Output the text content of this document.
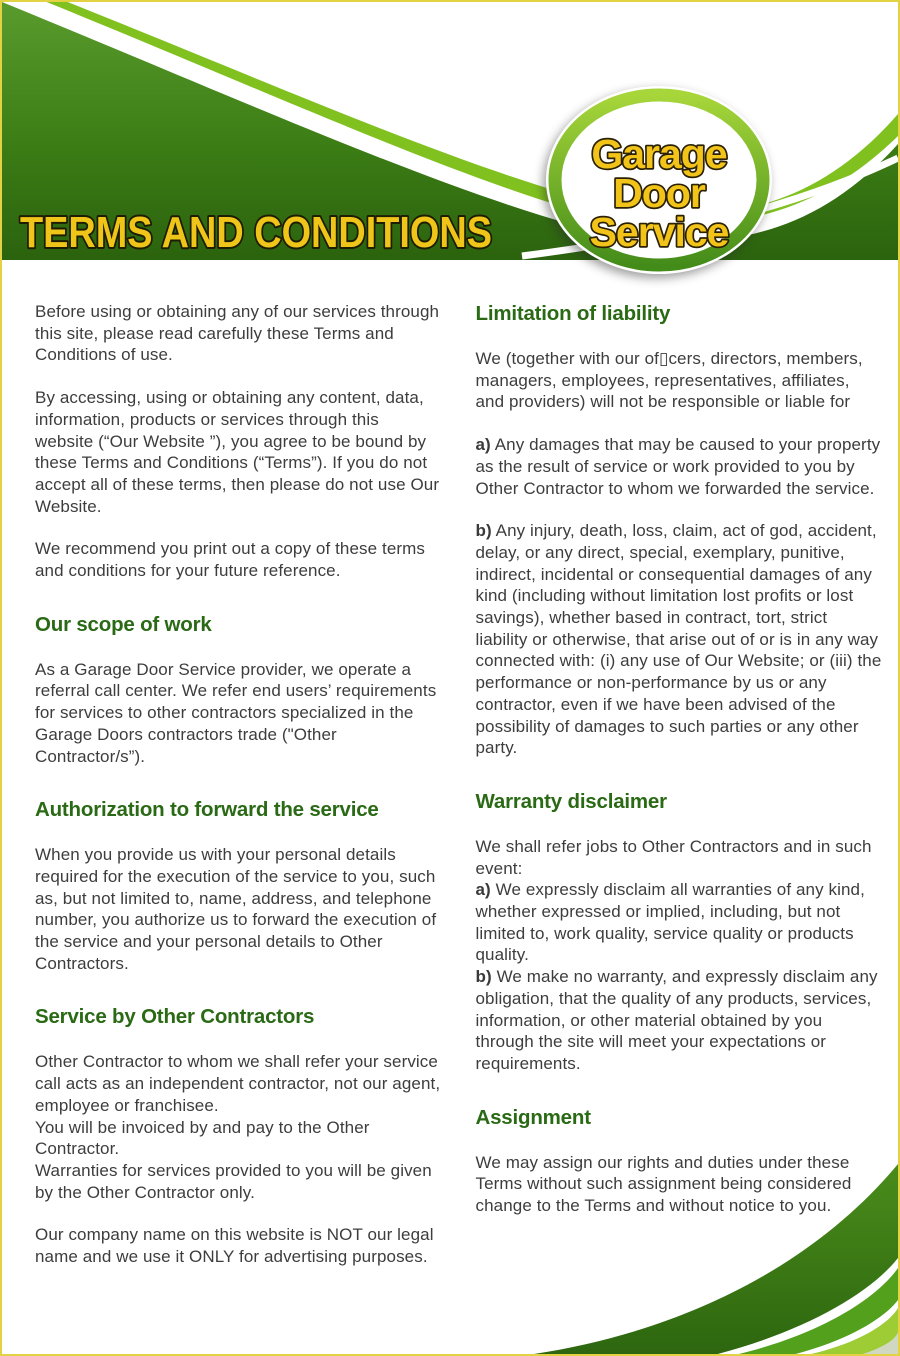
Garage
Door
Service
TERMS AND CONDITIONS

Before using or obtaining any of our services through this site, please read carefully these Terms and Conditions of use.

By accessing, using or obtaining any content, data, information, products or services through this website (“Our Website ”), you agree to be bound by these Terms and Conditions (“Terms”). If you do not accept all of these terms, then please do not use Our Website.

We recommend you print out a copy of these terms and conditions for your future reference.

Our scope of work

As a Garage Door Service provider, we operate a referral call center. We refer end users’ requirements for services to other contractors specialized in the Garage Doors contractors trade ("Other Contractor/s”).

Authorization to forward the service

When you provide us with your personal details required for the execution of the service to you, such as, but not limited to, name, address, and telephone number, you authorize us to forward the execution of the service and your personal details to Other Contractors.

Service by Other Contractors

Other Contractor to whom we shall refer your service call acts as an independent contractor, not our agent, employee or franchisee.
You will be invoiced by and pay to the Other Contractor.
Warranties for services provided to you will be given by the Other Contractor only.

Our company name on this website is NOT our legal name and we use it ONLY for advertising purposes.

Limitation of liability

We (together with our of▯cers, directors, members, managers, employees, representatives, affiliates, and providers) will not be responsible or liable for

a) Any damages that may be caused to your property as the result of service or work provided to you by Other Contractor to whom we forwarded the service.

b) Any injury, death, loss, claim, act of god, accident, delay, or any direct, special, exemplary, punitive, indirect, incidental or consequential damages of any kind (including without limitation lost profits or lost savings), whether based in contract, tort, strict liability or otherwise, that arise out of or is in any way connected with: (i) any use of Our Website; or (iii) the performance or non-performance by us or any contractor, even if we have been advised of the possibility of damages to such parties or any other party.

Warranty disclaimer

We shall refer jobs to Other Contractors and in such event:
a) We expressly disclaim all warranties of any kind, whether expressed or implied, including, but not limited to, work quality, service quality or products quality.
b) We make no warranty, and expressly disclaim any obligation, that the quality of any products, services, information, or other material obtained by you through the site will meet your expectations or requirements.

Assignment

We may assign our rights and duties under these Terms without such assignment being considered change to the Terms and without notice to you.
